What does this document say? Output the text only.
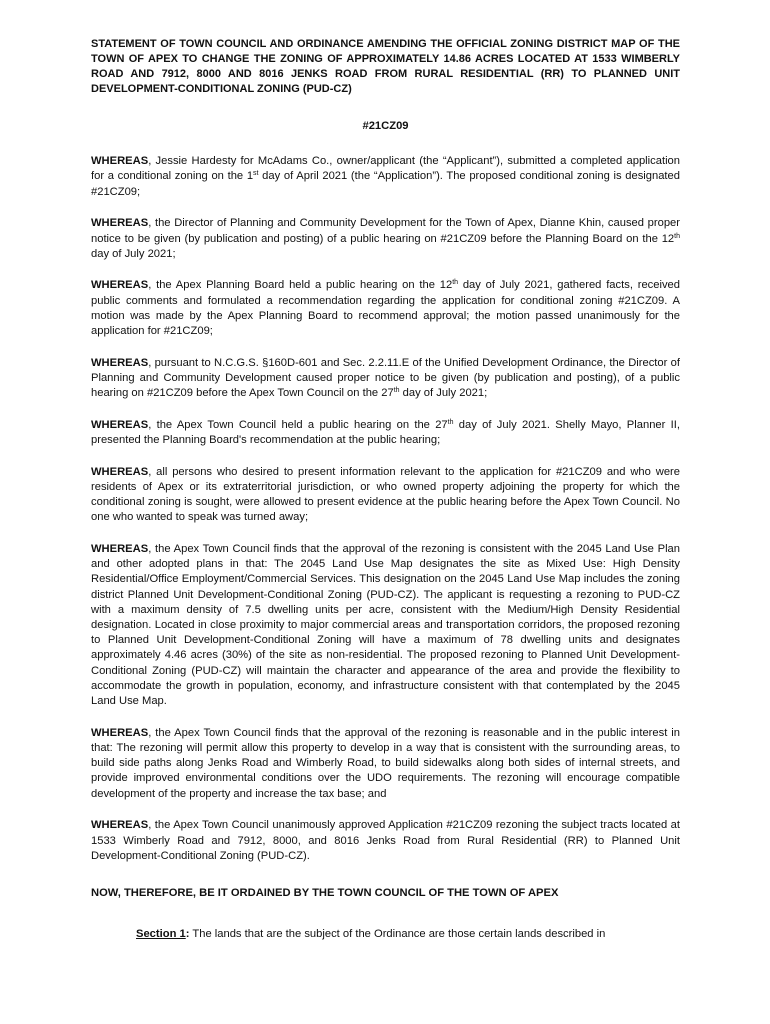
STATEMENT OF TOWN COUNCIL AND ORDINANCE AMENDING THE OFFICIAL ZONING DISTRICT MAP OF THE TOWN OF APEX TO CHANGE THE ZONING OF APPROXIMATELY 14.86 ACRES LOCATED AT 1533 WIMBERLY ROAD AND 7912, 8000 AND 8016 JENKS ROAD FROM RURAL RESIDENTIAL (RR) TO PLANNED UNIT DEVELOPMENT-CONDITIONAL ZONING (PUD-CZ)

#21CZ09

WHEREAS, Jessie Hardesty for McAdams Co., owner/applicant (the “Applicant”), submitted a completed application for a conditional zoning on the 1st day of April 2021 (the “Application”). The proposed conditional zoning is designated #21CZ09;

WHEREAS, the Director of Planning and Community Development for the Town of Apex, Dianne Khin, caused proper notice to be given (by publication and posting) of a public hearing on #21CZ09 before the Planning Board on the 12th day of July 2021;

WHEREAS, the Apex Planning Board held a public hearing on the 12th day of July 2021, gathered facts, received public comments and formulated a recommendation regarding the application for conditional zoning #21CZ09. A motion was made by the Apex Planning Board to recommend approval; the motion passed unanimously for the application for #21CZ09;

WHEREAS, pursuant to N.C.G.S. §160D-601 and Sec. 2.2.11.E of the Unified Development Ordinance, the Director of Planning and Community Development caused proper notice to be given (by publication and posting), of a public hearing on #21CZ09 before the Apex Town Council on the 27th day of July 2021;

WHEREAS, the Apex Town Council held a public hearing on the 27th day of July 2021. Shelly Mayo, Planner II, presented the Planning Board's recommendation at the public hearing;

WHEREAS, all persons who desired to present information relevant to the application for #21CZ09 and who were residents of Apex or its extraterritorial jurisdiction, or who owned property adjoining the property for which the conditional zoning is sought, were allowed to present evidence at the public hearing before the Apex Town Council. No one who wanted to speak was turned away;

WHEREAS, the Apex Town Council finds that the approval of the rezoning is consistent with the 2045 Land Use Plan and other adopted plans in that: The 2045 Land Use Map designates the site as Mixed Use: High Density Residential/Office Employment/Commercial Services. This designation on the 2045 Land Use Map includes the zoning district Planned Unit Development-Conditional Zoning (PUD-CZ). The applicant is requesting a rezoning to PUD-CZ with a maximum density of 7.5 dwelling units per acre, consistent with the Medium/High Density Residential designation. Located in close proximity to major commercial areas and transportation corridors, the proposed rezoning to Planned Unit Development-Conditional Zoning will have a maximum of 78 dwelling units and designates approximately 4.46 acres (30%) of the site as non-residential. The proposed rezoning to Planned Unit Development-Conditional Zoning (PUD-CZ) will maintain the character and appearance of the area and provide the flexibility to accommodate the growth in population, economy, and infrastructure consistent with that contemplated by the 2045 Land Use Map.

WHEREAS, the Apex Town Council finds that the approval of the rezoning is reasonable and in the public interest in that: The rezoning will permit allow this property to develop in a way that is consistent with the surrounding areas, to build side paths along Jenks Road and Wimberly Road, to build sidewalks along both sides of internal streets, and provide improved environmental conditions over the UDO requirements. The rezoning will encourage compatible development of the property and increase the tax base; and

WHEREAS, the Apex Town Council unanimously approved Application #21CZ09 rezoning the subject tracts located at 1533 Wimberly Road and 7912, 8000, and 8016 Jenks Road from Rural Residential (RR) to Planned Unit Development-Conditional Zoning (PUD-CZ).

NOW, THEREFORE, BE IT ORDAINED BY THE TOWN COUNCIL OF THE TOWN OF APEX

Section 1: The lands that are the subject of the Ordinance are those certain lands described in
